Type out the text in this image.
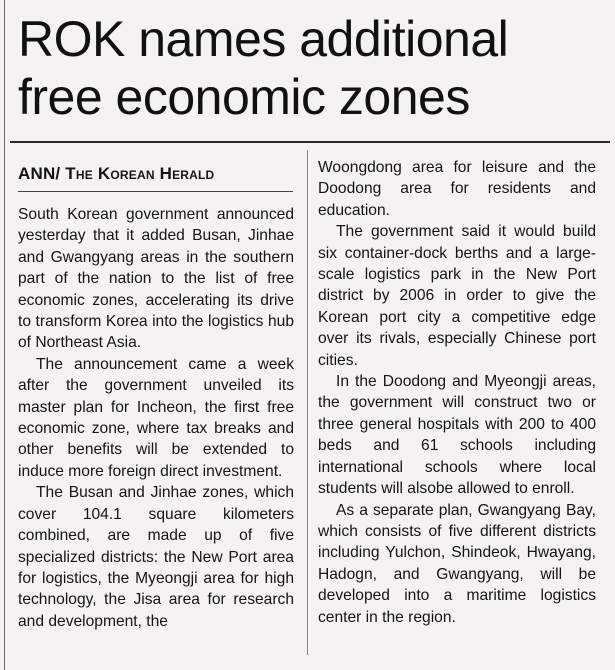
ROK names additional
free economic zones
ANN/ The Korean Herald

South Korean government announced yesterday that it added Busan, Jinhae and Gwangyang areas in the southern part of the nation to the list of free economic zones, accelerating its drive to transform Korea into the logistics hub of Northeast Asia.

The announcement came a week after the government unveiled its master plan for Incheon, the first free economic zone, where tax breaks and other benefits will be extended to induce more foreign direct investment.

The Busan and Jinhae zones, which cover 104.1 square kilometers combined, are made up of five specialized districts: the New Port area for logistics, the Myeongji area for high technology, the Jisa area for research and development, the

Woongdong area for leisure and the Doodong area for residents and education.

The government said it would build six container-dock berths and a large-scale logistics park in the New Port district by 2006 in order to give the Korean port city a competitive edge over its rivals, especially Chinese port cities.

In the Doodong and Myeongji areas, the government will construct two or three general hospitals with 200 to 400 beds and 61 schools including international schools where local students will alsobe allowed to enroll.

As a separate plan, Gwangyang Bay, which consists of five different districts including Yulchon, Shindeok, Hwayang, Hadogn, and Gwangyang, will be developed into a maritime logistics center in the region.
